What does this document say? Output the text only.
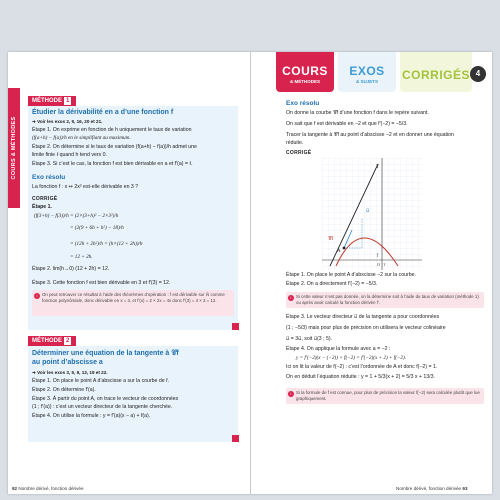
COURS & MÉTHODES
COURS
& MÉTHODES
EXOS
& SUJETS	CORRIGÉS 4
MÉTHODE 1
Étudier la dérivabilité en a d’une fonction f
➜ Voir les exos 2, 9, 16, 20 et 21.
Étape 1. On exprime en fonction de h uniquement le taux de variation
(f(a+h) − f(a))/h en le simplifiant au maximum.
Étape 2. On détermine si le taux de variation (f(a+h) − f(a))/h admet une
limite finie ℓ quand h tend vers 0.
Étape 3. Si c’est le cas, la fonction f est bien dérivable en a et f′(a) = ℓ.
Exo résolu
La fonction f : x ↦ 2x² est-elle dérivable en 3 ?
CORRIGÉ
Étape 1.
(f(3+h) − f(3))/h = (2×(3+h)² − 2×3²)/h
= (2(9 + 6h + h²) − 18)/h
= (12h + 2h²)/h = (h×(12 + 2h))/h
= 12 + 2h.
Étape 2. lim(h→0) (12 + 2h) = 12.
Étape 3. Cette fonction f est bien dérivable en 3 et f′(3) = 12.
i	On peut retrouver ce résultat à l’aide des théorèmes d’opération : f est dérivable sur ℝ comme fonction polynômiale, donc dérivable en x = 3, et f′(x) = 2 × 2x = 4x donc f′(3) = 4 × 3 = 12.
MÉTHODE 2
Déterminer une équation de la tangente à 𝒞f
au point d’abscisse a
➜ Voir les exos 3, 5, 9, 13, 19 et 22.
Étape 1. On place le point A d’abscisse a sur la courbe de f.
Étape 2. On détermine f′(a).
Étape 3. À partir du point A, on trace le vecteur de coordonnées
(1 ; f′(a)) : c’est un vecteur directeur de la tangente cherchée.
Étape 4. On utilise la formule : y = f′(a)(x − a) + f(a).
92 Nombre dérivé, fonction dérivée
Exo résolu
On donne la courbe 𝒞f d’une fonction f dans le repère suivant.
On sait que f est dérivable en −2 et que f′(−2) = −5/3.
Tracer la tangente à 𝒞f au point d’abscisse −2 et en donner une équation
réduite.
CORRIGÉ
T
𝒞f
u⃗
A
j⃗
i⃗
O
Étape 1. On place le point A d’abscisse −2 sur la courbe.
Étape 2. On a directement f′(−2) = −5/3.
i	Si cette valeur n’est pas donnée, on la détermine soit à l’aide du taux de variation (méthode 1) ou après avoir calculé la fonction dérivée f′.
Étape 3. Le vecteur directeur u⃗ de la tangente a pour coordonnées
(1 ; −5/3) mais pour plus de précision on utilisera le vecteur colinéaire
u⃗ = 3u⃗, soit u⃗(3 ; 5).
Étape 4. On applique la formule avec a = −2 :
y = f′(−2)(x − (−2)) + f(−2) = f′(−2)(x + 2) + f(−2).
Ici on lit la valeur de f(−2) : c’est l’ordonnée de A et donc f(−2) = 1.
On en déduit l’équation réduite : y = 1 + 5/3(x + 2) = 5/3 x + 13/3.
i	Si la formule de f est connue, pour plus de précision la valeur f(−2) sera calculée plutôt que lue graphiquement.
Nombre dérivé, fonction dérivée 93
